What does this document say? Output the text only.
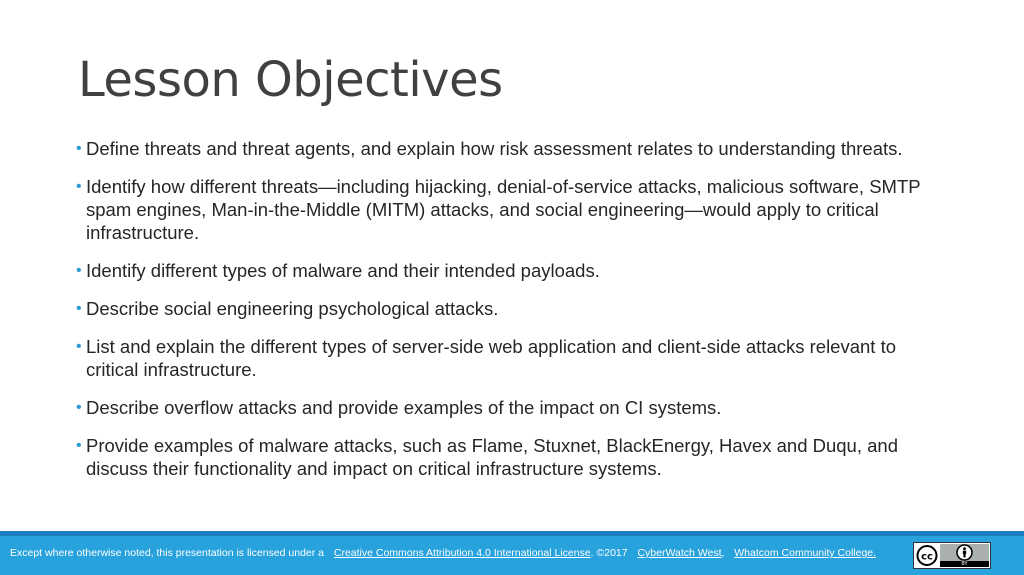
Lesson Objectives
• Define threats and threat agents, and explain how risk assessment relates to understanding threats.
• Identify how different threats—including hijacking, denial-of-service attacks, malicious software, SMTP spam engines, Man-in-the-Middle (MITM) attacks, and social engineering—would apply to critical infrastructure.
• Identify different types of malware and their intended payloads.
• Describe social engineering psychological attacks.
• List and explain the different types of server-side web application and client-side attacks relevant to critical infrastructure.
• Describe overflow attacks and provide examples of the impact on CI systems.
• Provide examples of malware attacks, such as Flame, Stuxnet, BlackEnergy, Havex and Duqu, and discuss their functionality and impact on critical infrastructure systems.
Except where otherwise noted, this presentation is licensed under a Creative Commons Attribution 4.0 International License. ©2017 CyberWatch West, Whatcom Community College.	cc
BY
